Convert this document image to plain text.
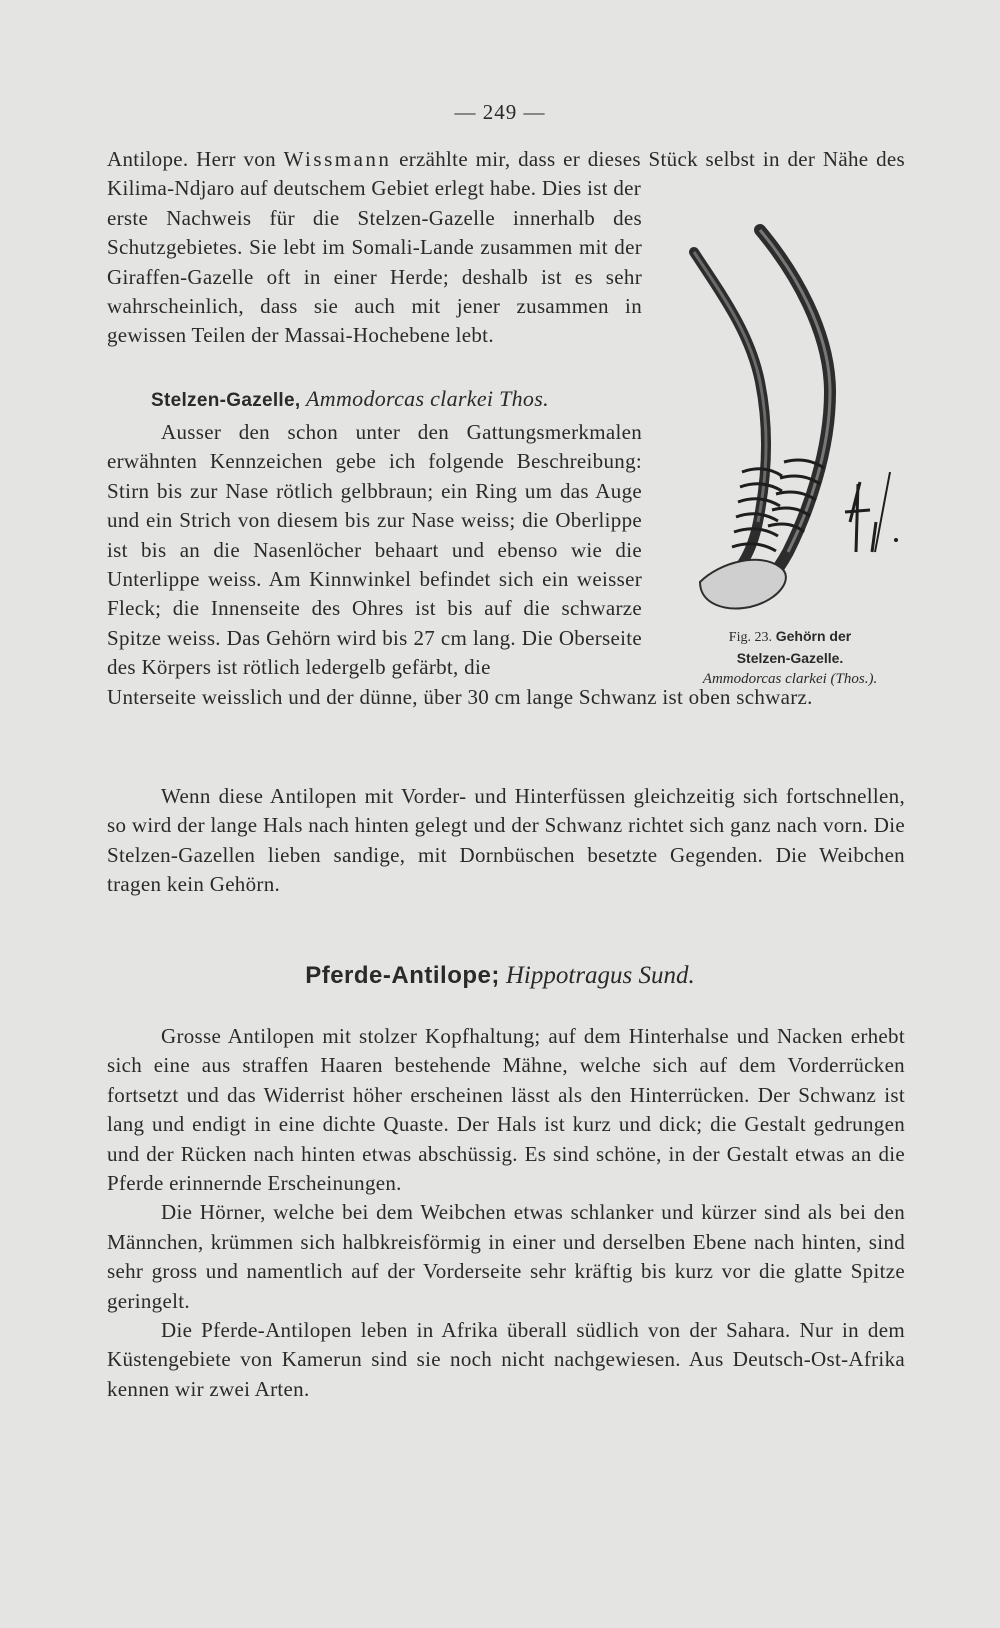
— 249 —

Antilope. Herr von Wissmann erzählte mir, dass er dieses Stück selbst in der Nähe des Kilima-Ndjaro auf deutschem Gebiet erlegt habe. Dies ist der

erste Nachweis für die Stelzen-Gazelle innerhalb des Schutzgebietes. Sie lebt im Somali-Lande zusammen mit der Giraffen-Gazelle oft in einer Herde; deshalb ist es sehr wahrscheinlich, dass sie auch mit jener zusammen in gewissen Teilen der Massai-Hochebene lebt.

Stelzen-Gazelle, Ammodorcas clarkei Thos.

Ausser den schon unter den Gattungsmerkmalen erwähnten Kennzeichen gebe ich folgende Beschreibung: Stirn bis zur Nase rötlich gelbbraun; ein Ring um das Auge und ein Strich von diesem bis zur Nase weiss; die Oberlippe ist bis an die Nasenlöcher behaart und ebenso wie die Unterlippe weiss. Am Kinnwinkel befindet sich ein weisser Fleck; die Innenseite des Ohres ist bis auf die schwarze Spitze weiss. Das Gehörn wird bis 27 cm lang. Die Oberseite des Körpers ist rötlich ledergelb gefärbt, die

Unterseite weisslich und der dünne, über 30 cm lange Schwanz ist oben schwarz.

Wenn diese Antilopen mit Vorder- und Hinterfüssen gleichzeitig sich fortschnellen, so wird der lange Hals nach hinten gelegt und der Schwanz richtet sich ganz nach vorn. Die Stelzen-Gazellen lieben sandige, mit Dornbüschen besetzte Gegenden. Die Weibchen tragen kein Gehörn.

Fig. 23. Gehörn der
Stelzen-Gazelle.
Ammodorcas clarkei (Thos.).
Pferde-Antilope; Hippotragus Sund.

Grosse Antilopen mit stolzer Kopfhaltung; auf dem Hinterhalse und Nacken erhebt sich eine aus straffen Haaren bestehende Mähne, welche sich auf dem Vorderrücken fortsetzt und das Widerrist höher erscheinen lässt als den Hinterrücken. Der Schwanz ist lang und endigt in eine dichte Quaste. Der Hals ist kurz und dick; die Gestalt gedrungen und der Rücken nach hinten etwas abschüssig. Es sind schöne, in der Gestalt etwas an die Pferde erinnernde Erscheinungen.

Die Hörner, welche bei dem Weibchen etwas schlanker und kürzer sind als bei den Männchen, krümmen sich halbkreisförmig in einer und derselben Ebene nach hinten, sind sehr gross und namentlich auf der Vorderseite sehr kräftig bis kurz vor die glatte Spitze geringelt.

Die Pferde-Antilopen leben in Afrika überall südlich von der Sahara. Nur in dem Küstengebiete von Kamerun sind sie noch nicht nachgewiesen. Aus Deutsch-Ost-Afrika kennen wir zwei Arten.
